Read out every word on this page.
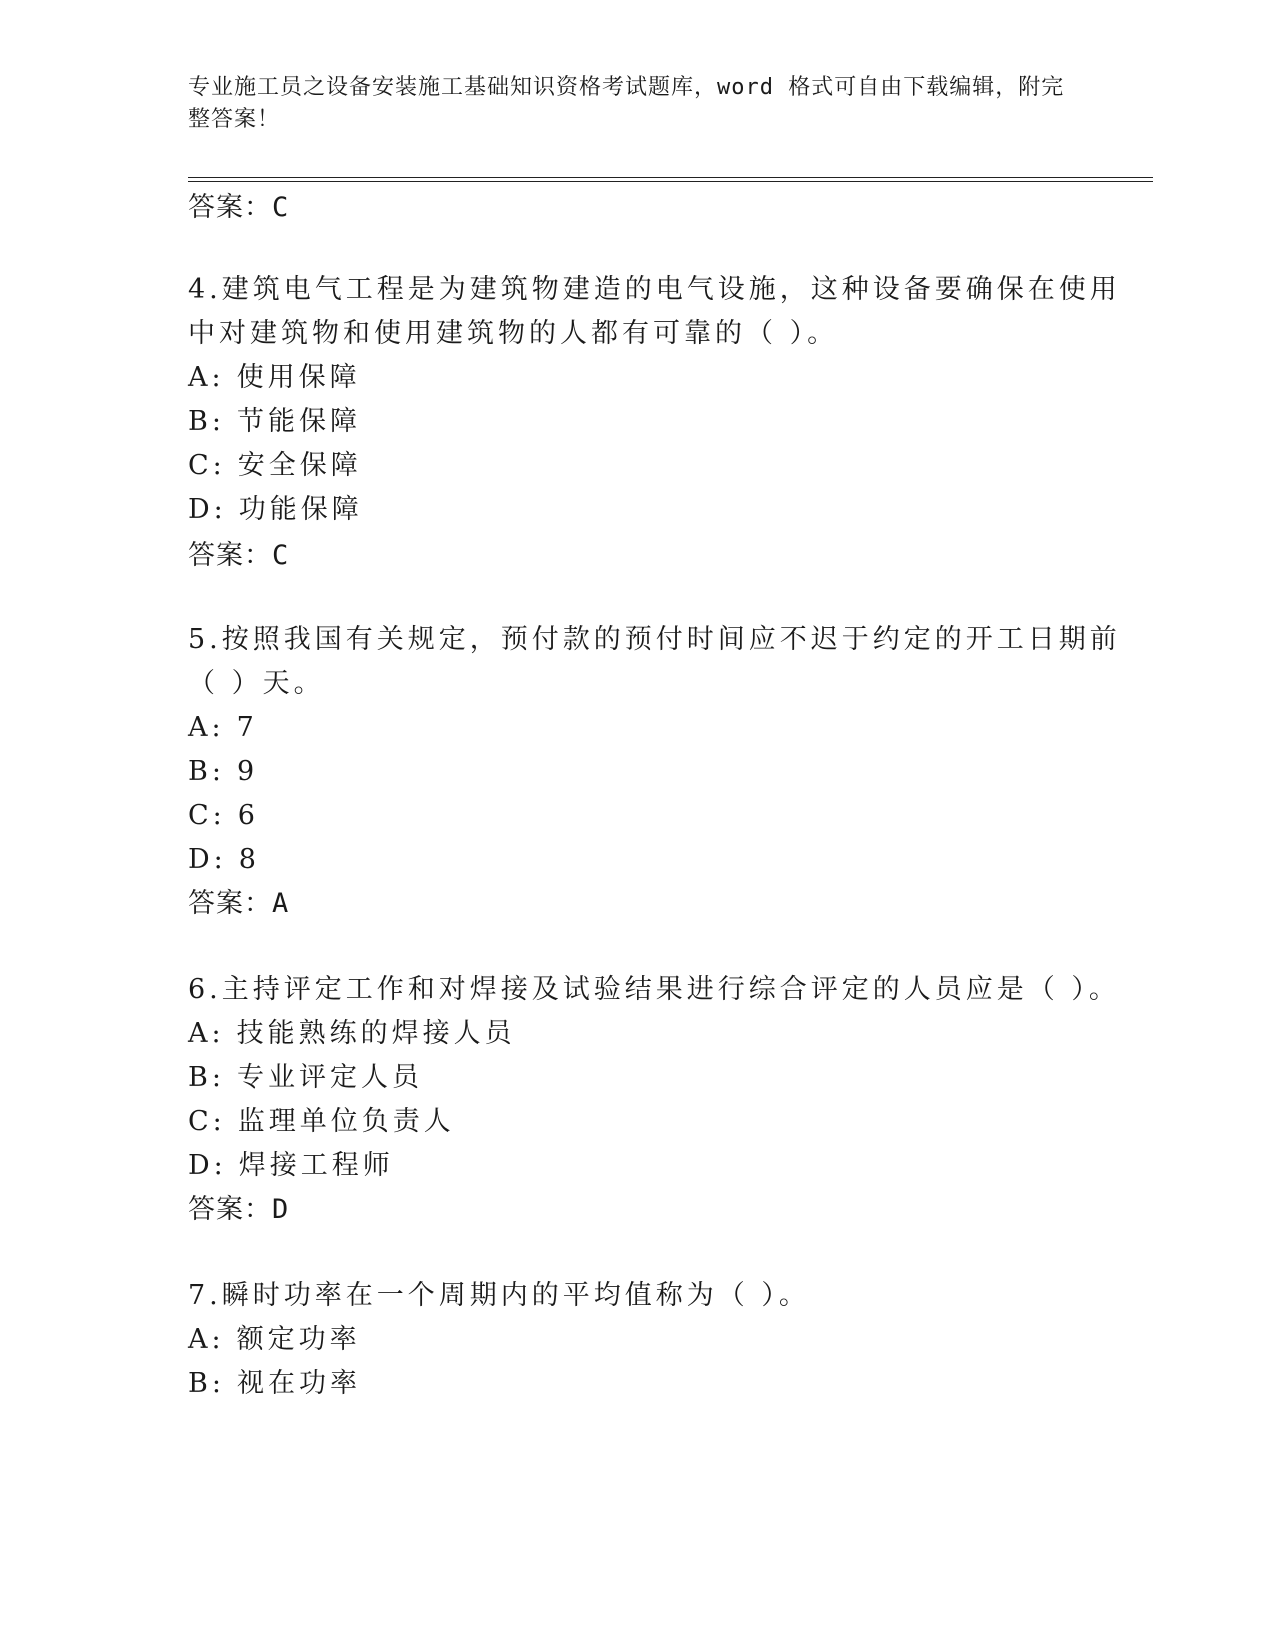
专业施工员之设备安装施工基础知识资格考试题库，word 格式可自由下载编辑，附完整答案！
答案：C
4.建筑电气工程是为建筑物建造的电气设施，这种设备要确保在使用
中对建筑物和使用建筑物的人都有可靠的（ ）。
A: 使用保障
B: 节能保障
C: 安全保障
D: 功能保障
答案：C
5.按照我国有关规定，预付款的预付时间应不迟于约定的开工日期前
（ ）天。
A: 7
B: 9
C: 6
D: 8
答案：A
6.主持评定工作和对焊接及试验结果进行综合评定的人员应是（ ）。
A: 技能熟练的焊接人员
B: 专业评定人员
C: 监理单位负责人
D: 焊接工程师
答案：D
7.瞬时功率在一个周期内的平均值称为（ ）。
A: 额定功率
B: 视在功率
